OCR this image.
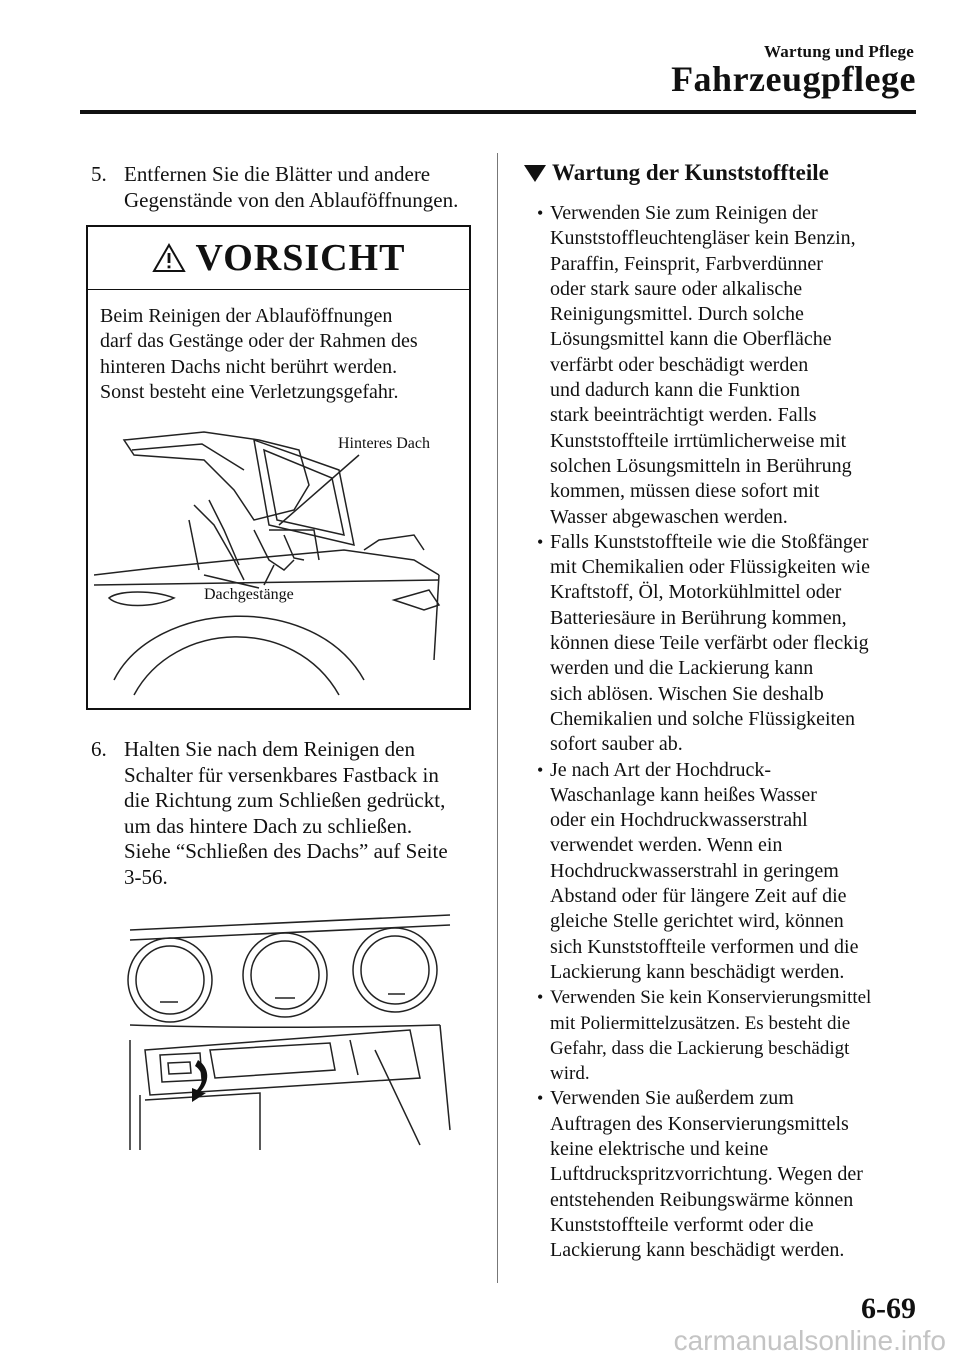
Wartung und Pflege
Fahrzeugpflege
5. Entfernen Sie die Blätter und andere
Gegenstände von den Ablauföffnungen.
VORSICHT
Beim Reinigen der Ablauföffnungen
darf das Gestänge oder der Rahmen des
hinteren Dachs nicht berührt werden.
Sonst besteht eine Verletzungsgefahr.
Hinteres Dach
Dachgestänge
6. Halten Sie nach dem Reinigen den
Schalter für versenkbares Fastback in
die Richtung zum Schließen gedrückt,
um das hintere Dach zu schließen.
Siehe “Schließen des Dachs” auf Seite
3-56.
Wartung der Kunststoffteile
• Verwenden Sie zum Reinigen der
Kunststoffleuchtengläser kein Benzin,
Paraffin, Feinsprit, Farbverdünner
oder stark saure oder alkalische
Reinigungsmittel. Durch solche
Lösungsmittel kann die Oberfläche
verfärbt oder beschädigt werden
und dadurch kann die Funktion
stark beeinträchtigt werden. Falls
Kunststoffteile irrtümlicherweise mit
solchen Lösungsmitteln in Berührung
kommen, müssen diese sofort mit
Wasser abgewaschen werden.
• Falls Kunststoffteile wie die Stoßfänger
mit Chemikalien oder Flüssigkeiten wie
Kraftstoff, Öl, Motorkühlmittel oder
Batteriesäure in Berührung kommen,
können diese Teile verfärbt oder fleckig
werden und die Lackierung kann
sich ablösen. Wischen Sie deshalb
Chemikalien und solche Flüssigkeiten
sofort sauber ab.
• Je nach Art der Hochdruck-
Waschanlage kann heißes Wasser
oder ein Hochdruckwasserstrahl
verwendet werden. Wenn ein
Hochdruckwasserstrahl in geringem
Abstand oder für längere Zeit auf die
gleiche Stelle gerichtet wird, können
sich Kunststoffteile verformen und die
Lackierung kann beschädigt werden.
• Verwenden Sie kein Konservierungsmittel
mit Poliermittelzusätzen. Es besteht die
Gefahr, dass die Lackierung beschädigt
wird.
• Verwenden Sie außerdem zum
Auftragen des Konservierungsmittels
keine elektrische und keine
Luftdruckspritzvorrichtung. Wegen der
entstehenden Reibungswärme können
Kunststoffteile verformt oder die
Lackierung kann beschädigt werden.
6-69
carmanualsonline.info
